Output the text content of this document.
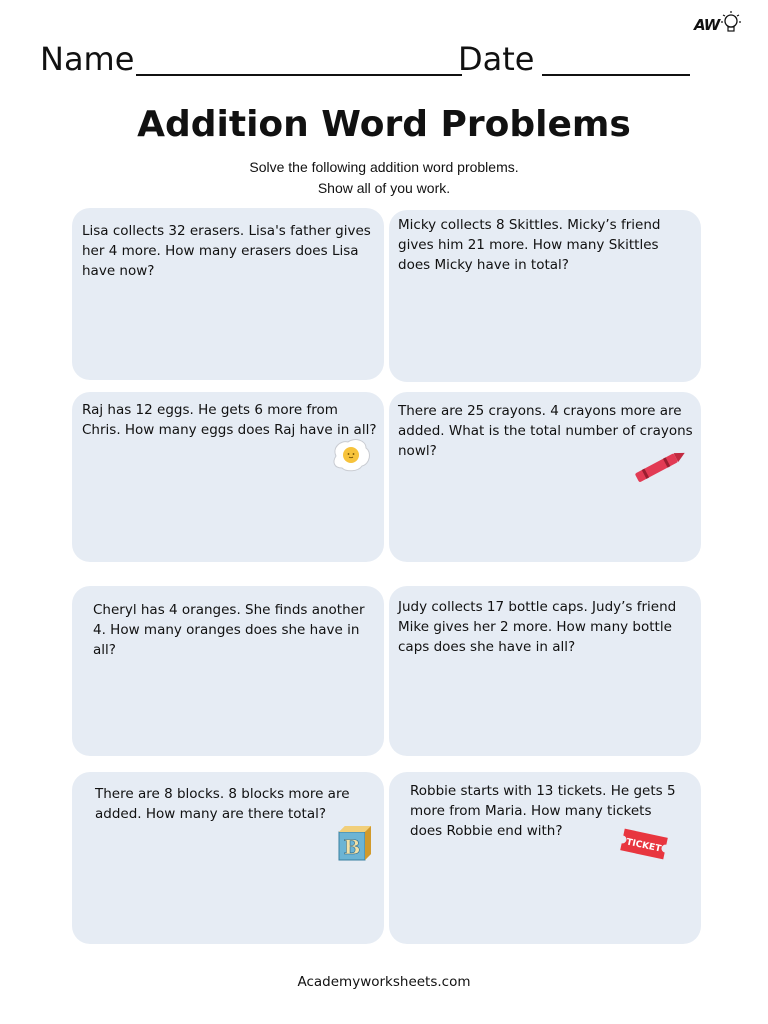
AW
Name	Date
Addition Word Problems
Solve the following addition word problems.
Show all of you work.
Lisa collects 32 erasers. Lisa's father gives her 4 more. How many erasers does Lisa have now?
Micky collects 8 Skittles. Micky’s friend gives him 21 more. How many Skittles does Micky have in total?
Raj has 12 eggs. He gets 6 more from Chris. How many eggs does Raj have in all?
There are 25 crayons. 4 crayons more are added. What is the total number of crayons nowl?
Cheryl has 4 oranges. She finds another 4. How many oranges does she have in all?
Judy collects 17 bottle caps. Judy’s friend Mike gives her 2 more. How many bottle caps does she have in all?
There are 8 blocks. 8 blocks more are added. How many are there total?
Robbie starts with 13 tickets. He gets 5 more from Maria. How many tickets does Robbie end with?
B	TICKET
Academyworksheets.com
